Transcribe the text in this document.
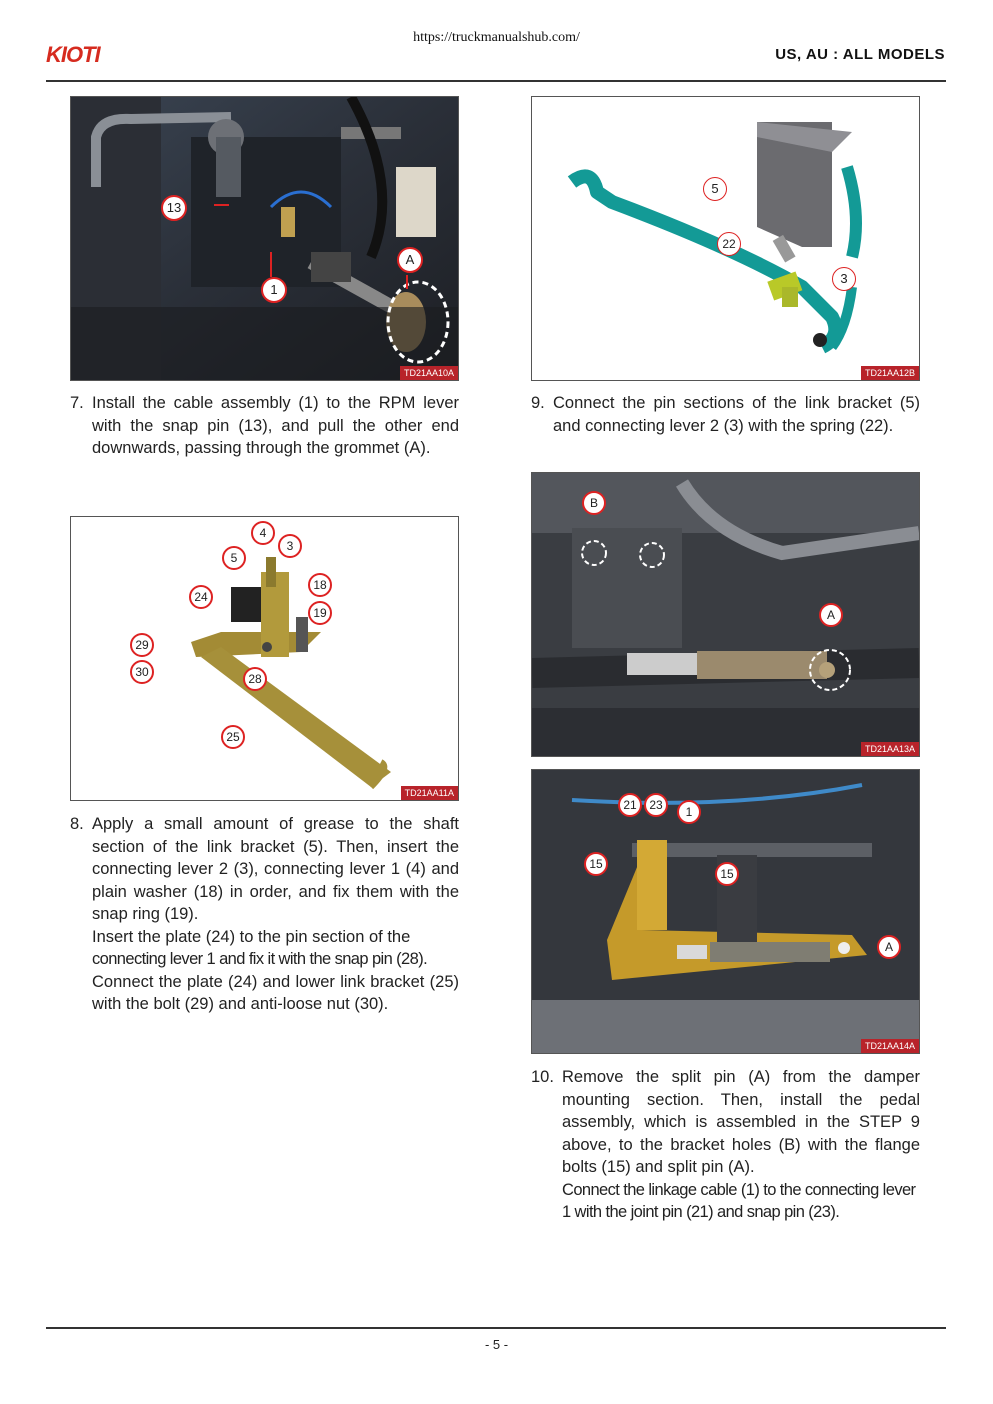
https://truckmanualshub.com/
KIOTI	US, AU : ALL MODELS
13
1
A
TD21AA10A
5
22
3
TD21AA12B
7. Install the cable assembly (1) to the RPM lever with the snap pin (13), and pull the other end downwards, passing through the grommet (A).

9. Connect the pin sections of the link bracket (5) and connecting lever 2 (3) with the spring (22).

4
3
5
18
24
19
29
30	28
25
TD21AA11A
B
A
TD21AA13A
8. Apply a small amount of grease to the shaft section of the link bracket (5). Then, insert the connecting lever 2 (3), connecting lever 1 (4) and plain washer (18) in order, and fix them with the snap ring (19).

Insert the plate (24) to the pin section of the

connecting lever 1 and fix it with the snap pin (28).

Connect the plate (24) and lower link bracket (25) with the bolt (29) and anti-loose nut (30).

21	23	1
15
15
A
TD21AA14A
10. Remove the split pin (A) from the damper mounting section. Then, install the pedal assembly, which is assembled in the STEP 9 above, to the bracket holes (B) with the flange bolts (15) and split pin (A).

Connect the linkage cable (1) to the connecting lever 1 with the joint pin (21) and snap pin (23).

- 5 -
